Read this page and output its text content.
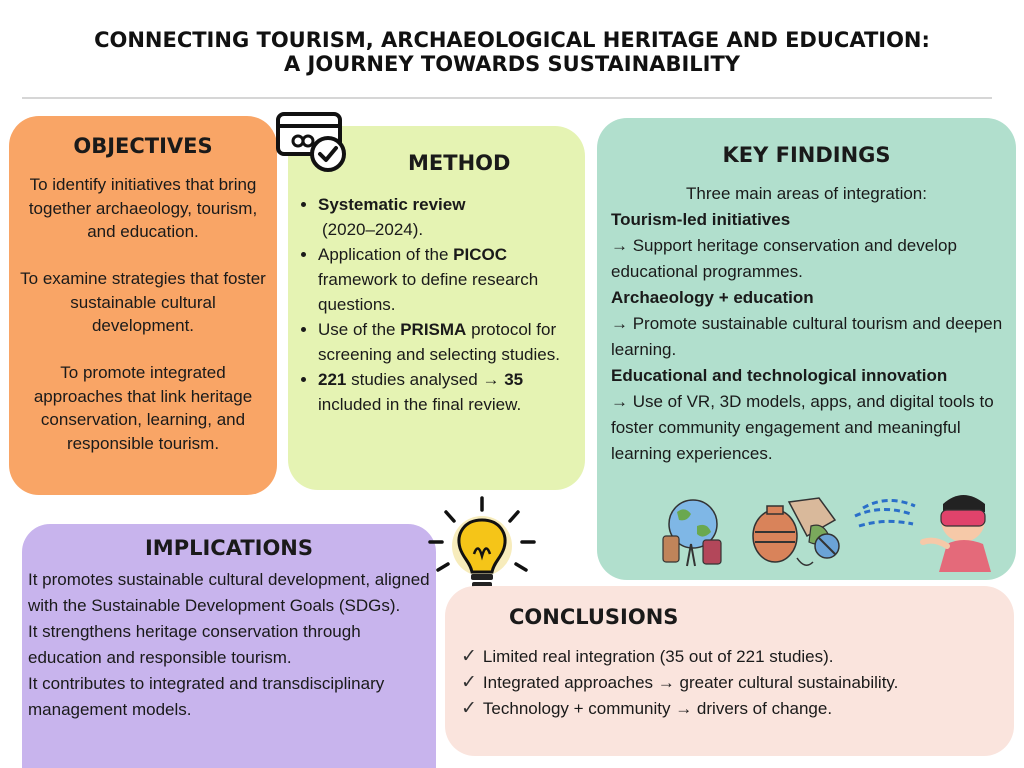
CONNECTING TOURISM, ARCHAEOLOGICAL HERITAGE AND EDUCATION:
A JOURNEY TOWARDS SUSTAINABILITY
OBJECTIVES

To identify initiatives that bring together archaeology, tourism, and education.

To examine strategies that foster sustainable cultural development.

To promote integrated approaches that link heritage conservation, learning, and responsible tourism.

METHOD
• Systematic review
(2020–2024).
• Application of the PICOC framework to define research questions.
• Use of the PRISMA protocol for screening and selecting studies.
• 221 studies analysed → 35 included in the final review.
KEY FINDINGS
Three main areas of integration:
Tourism-led initiatives
→ Support heritage conservation and develop educational programmes.
Archaeology + education
→ Promote sustainable cultural tourism and deepen learning.
Educational and technological innovation
→ Use of VR, 3D models, apps, and digital tools to foster community engagement and meaningful learning experiences.
IMPLICATIONS

It promotes sustainable cultural development, aligned with the Sustainable Development Goals (SDGs).

It strengthens heritage conservation through education and responsible tourism.

It contributes to integrated and transdisciplinary management models.

CONCLUSIONS
✓ Limited real integration (35 out of 221 studies).
✓ Integrated approaches → greater cultural sustainability.
✓ Technology + community → drivers of change.
